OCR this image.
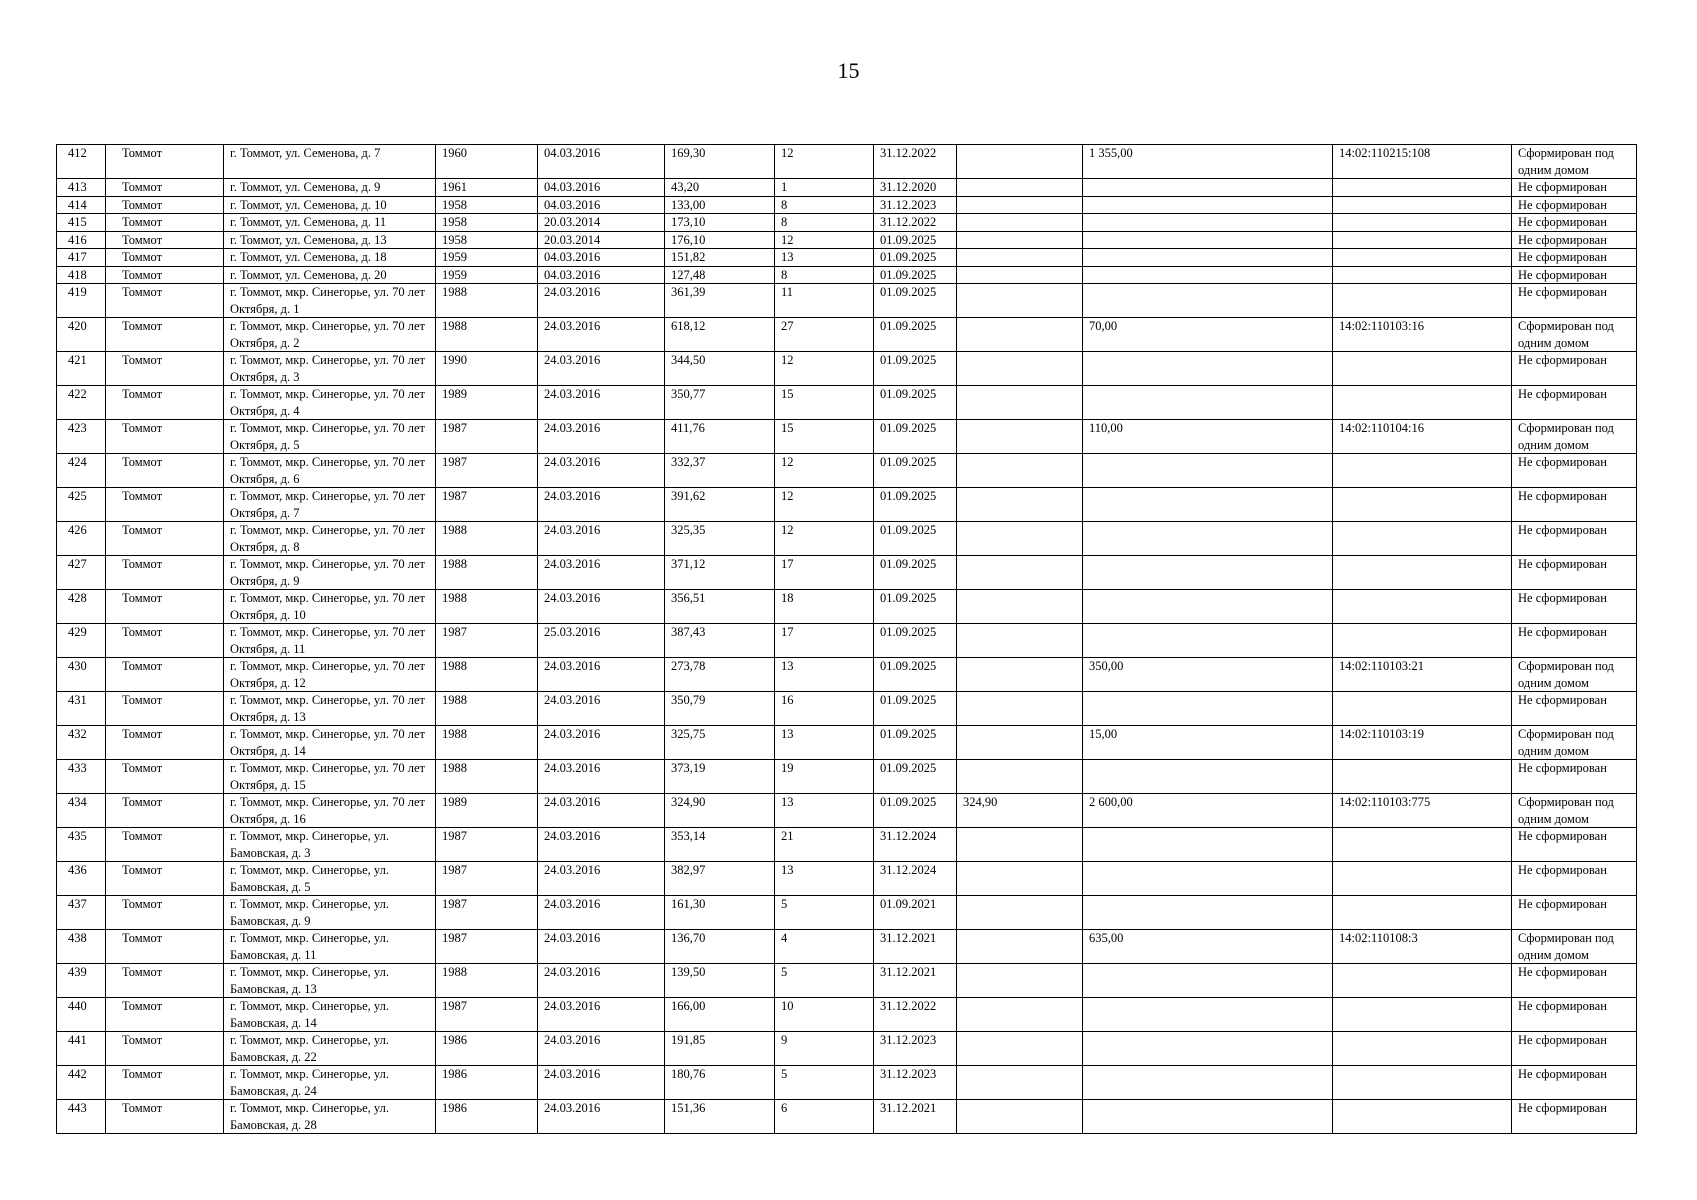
15
412	Томмот	г. Томмот, ул. Семенова, д. 7	1960	04.03.2016	169,30	12	31.12.2022		1 355,00	14:02:110215:108	Сформирован под одним домом
413	Томмот	г. Томмот, ул. Семенова, д. 9	1961	04.03.2016	43,20	1	31.12.2020				Не сформирован
414	Томмот	г. Томмот, ул. Семенова, д. 10	1958	04.03.2016	133,00	8	31.12.2023				Не сформирован
415	Томмот	г. Томмот, ул. Семенова, д. 11	1958	20.03.2014	173,10	8	31.12.2022				Не сформирован
416	Томмот	г. Томмот, ул. Семенова, д. 13	1958	20.03.2014	176,10	12	01.09.2025				Не сформирован
417	Томмот	г. Томмот, ул. Семенова, д. 18	1959	04.03.2016	151,82	13	01.09.2025				Не сформирован
418	Томмот	г. Томмот, ул. Семенова, д. 20	1959	04.03.2016	127,48	8	01.09.2025				Не сформирован
419	Томмот	г. Томмот, мкр. Синегорье, ул. 70 лет Октября, д. 1	1988	24.03.2016	361,39	11	01.09.2025				Не сформирован
420	Томмот	г. Томмот, мкр. Синегорье, ул. 70 лет Октября, д. 2	1988	24.03.2016	618,12	27	01.09.2025		70,00	14:02:110103:16	Сформирован под одним домом
421	Томмот	г. Томмот, мкр. Синегорье, ул. 70 лет Октября, д. 3	1990	24.03.2016	344,50	12	01.09.2025				Не сформирован
422	Томмот	г. Томмот, мкр. Синегорье, ул. 70 лет Октября, д. 4	1989	24.03.2016	350,77	15	01.09.2025				Не сформирован
423	Томмот	г. Томмот, мкр. Синегорье, ул. 70 лет Октября, д. 5	1987	24.03.2016	411,76	15	01.09.2025		110,00	14:02:110104:16	Сформирован под одним домом
424	Томмот	г. Томмот, мкр. Синегорье, ул. 70 лет Октября, д. 6	1987	24.03.2016	332,37	12	01.09.2025				Не сформирован
425	Томмот	г. Томмот, мкр. Синегорье, ул. 70 лет Октября, д. 7	1987	24.03.2016	391,62	12	01.09.2025				Не сформирован
426	Томмот	г. Томмот, мкр. Синегорье, ул. 70 лет Октября, д. 8	1988	24.03.2016	325,35	12	01.09.2025				Не сформирован
427	Томмот	г. Томмот, мкр. Синегорье, ул. 70 лет Октября, д. 9	1988	24.03.2016	371,12	17	01.09.2025				Не сформирован
428	Томмот	г. Томмот, мкр. Синегорье, ул. 70 лет Октября, д. 10	1988	24.03.2016	356,51	18	01.09.2025				Не сформирован
429	Томмот	г. Томмот, мкр. Синегорье, ул. 70 лет Октября, д. 11	1987	25.03.2016	387,43	17	01.09.2025				Не сформирован
430	Томмот	г. Томмот, мкр. Синегорье, ул. 70 лет Октября, д. 12	1988	24.03.2016	273,78	13	01.09.2025		350,00	14:02:110103:21	Сформирован под одним домом
431	Томмот	г. Томмот, мкр. Синегорье, ул. 70 лет Октября, д. 13	1988	24.03.2016	350,79	16	01.09.2025				Не сформирован
432	Томмот	г. Томмот, мкр. Синегорье, ул. 70 лет Октября, д. 14	1988	24.03.2016	325,75	13	01.09.2025		15,00	14:02:110103:19	Сформирован под одним домом
433	Томмот	г. Томмот, мкр. Синегорье, ул. 70 лет Октября, д. 15	1988	24.03.2016	373,19	19	01.09.2025				Не сформирован
434	Томмот	г. Томмот, мкр. Синегорье, ул. 70 лет Октября, д. 16	1989	24.03.2016	324,90	13	01.09.2025	324,90	2 600,00	14:02:110103:775	Сформирован под одним домом
435	Томмот	г. Томмот, мкр. Синегорье, ул. Бамовская, д. 3	1987	24.03.2016	353,14	21	31.12.2024				Не сформирован
436	Томмот	г. Томмот, мкр. Синегорье, ул. Бамовская, д. 5	1987	24.03.2016	382,97	13	31.12.2024				Не сформирован
437	Томмот	г. Томмот, мкр. Синегорье, ул. Бамовская, д. 9	1987	24.03.2016	161,30	5	01.09.2021				Не сформирован
438	Томмот	г. Томмот, мкр. Синегорье, ул. Бамовская, д. 11	1987	24.03.2016	136,70	4	31.12.2021		635,00	14:02:110108:3	Сформирован под одним домом
439	Томмот	г. Томмот, мкр. Синегорье, ул. Бамовская, д. 13	1988	24.03.2016	139,50	5	31.12.2021				Не сформирован
440	Томмот	г. Томмот, мкр. Синегорье, ул. Бамовская, д. 14	1987	24.03.2016	166,00	10	31.12.2022				Не сформирован
441	Томмот	г. Томмот, мкр. Синегорье, ул. Бамовская, д. 22	1986	24.03.2016	191,85	9	31.12.2023				Не сформирован
442	Томмот	г. Томмот, мкр. Синегорье, ул. Бамовская, д. 24	1986	24.03.2016	180,76	5	31.12.2023				Не сформирован
443	Томмот	г. Томмот, мкр. Синегорье, ул. Бамовская, д. 28	1986	24.03.2016	151,36	6	31.12.2021				Не сформирован
